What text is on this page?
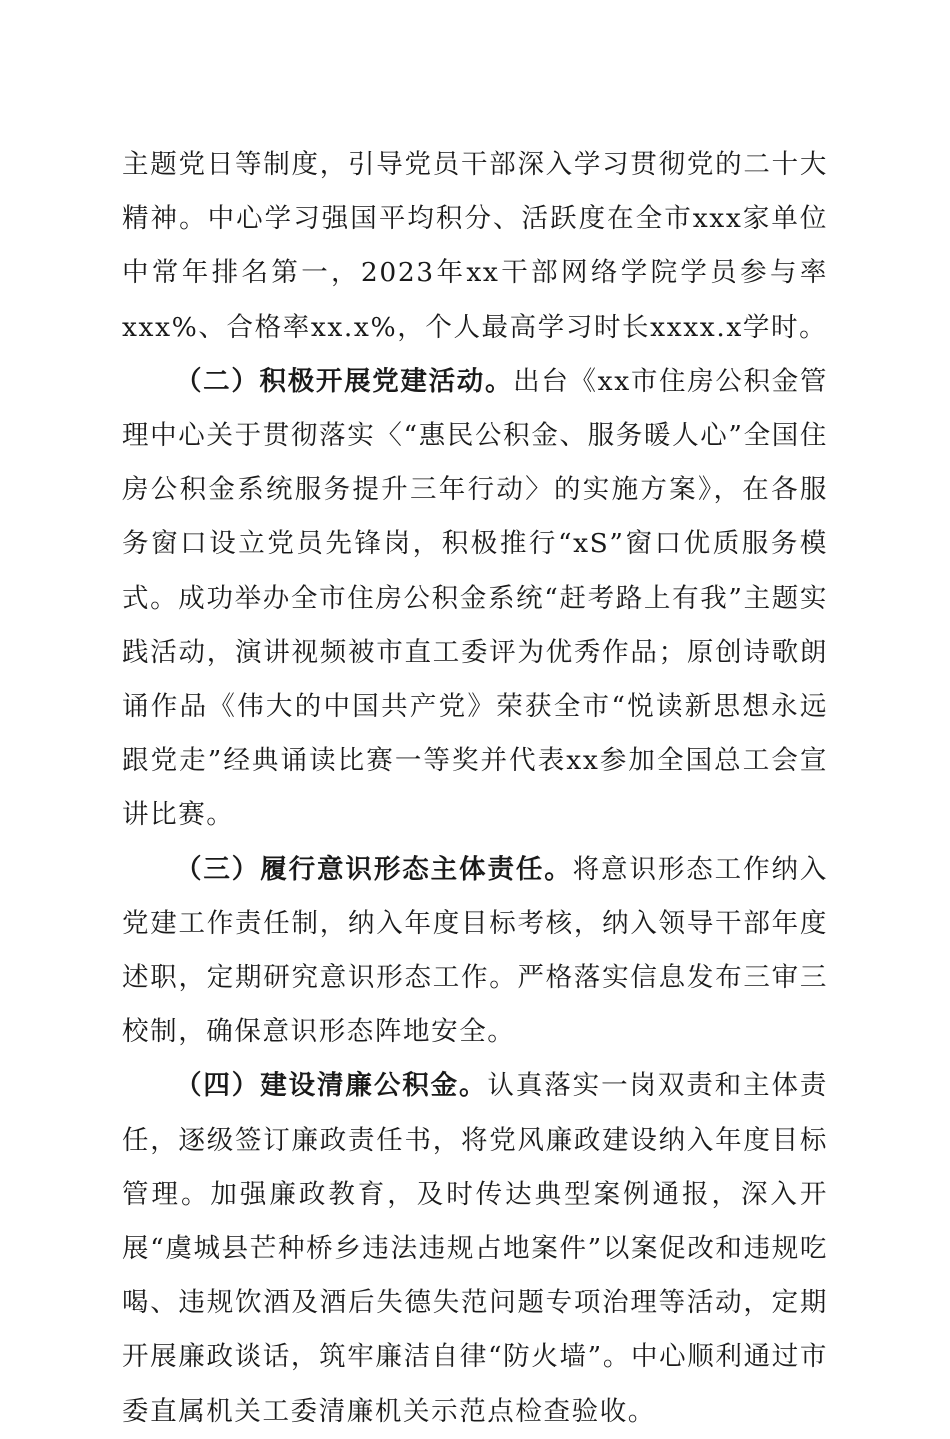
主题党日等制度，引导党员干部深入学习贯彻党的二十大精神。中心学习强国平均积分、活跃度在全市xxx家单位中常年排名第一，2023年xx干部网络学院学员参与率xxx%、合格率xx.x%，个人最高学习时长xxxx.x学时。

（二）积极开展党建活动。出台《xx市住房公积金管理中心关于贯彻落实〈“惠民公积金、服务暖人心”全国住房公积金系统服务提升三年行动〉的实施方案》，在各服务窗口设立党员先锋岗，积极推行“xS”窗口优质服务模式。成功举办全市住房公积金系统“赶考路上有我”主题实践活动，演讲视频被市直工委评为优秀作品；原创诗歌朗诵作品《伟大的中国共产党》荣获全市“悦读新思想永远跟党走”经典诵读比赛一等奖并代表xx参加全国总工会宣讲比赛。

（三）履行意识形态主体责任。将意识形态工作纳入党建工作责任制，纳入年度目标考核，纳入领导干部年度述职，定期研究意识形态工作。严格落实信息发布三审三校制，确保意识形态阵地安全。

（四）建设清廉公积金。认真落实一岗双责和主体责任，逐级签订廉政责任书，将党风廉政建设纳入年度目标管理。加强廉政教育，及时传达典型案例通报，深入开展“虞城县芒种桥乡违法违规占地案件”以案促改和违规吃喝、违规饮酒及酒后失德失范问题专项治理等活动，定期开展廉政谈话，筑牢廉洁自律“防火墙”。中心顺利通过市委直属机关工委清廉机关示范点检查验收。
